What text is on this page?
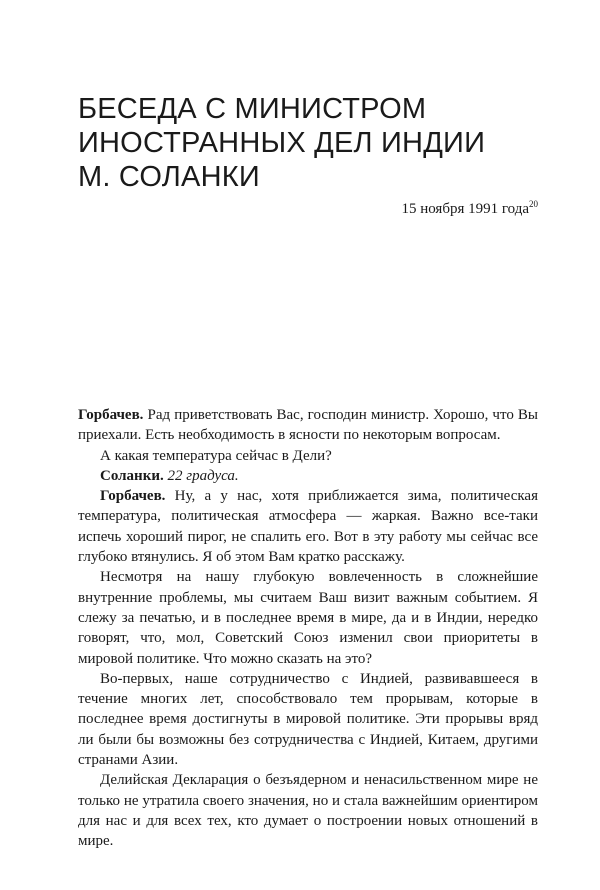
БЕСЕДА С МИНИСТРОМ
ИНОСТРАННЫХ ДЕЛ ИНДИИ
М. СОЛАНКИ
15 ноября 1991 года$^{20}$

Горбачев. Рад приветствовать Вас, господин министр. Хорошо, что Вы приехали. Есть необходимость в ясности по некоторым вопросам.

А какая температура сейчас в Дели?

Соланки. 22 градуса.

Горбачев. Ну, а у нас, хотя приближается зима, политическая температура, политическая атмосфера — жаркая. Важно все-таки испечь хороший пирог, не спалить его. Вот в эту работу мы сейчас все глубоко втянулись. Я об этом Вам кратко расскажу.

Несмотря на нашу глубокую вовлеченность в сложнейшие внутренние проблемы, мы считаем Ваш визит важным событием. Я слежу за печатью, и в последнее время в мире, да и в Индии, нередко говорят, что, мол, Советский Союз изменил свои приоритеты в мировой политике. Что можно сказать на это?

Во-первых, наше сотрудничество с Индией, развивавшееся в течение многих лет, способствовало тем прорывам, которые в последнее время достигнуты в мировой политике. Эти прорывы вряд ли были бы возможны без сотрудничества с Индией, Китаем, другими странами Азии.

Делийская Декларация о безъядерном и ненасильственном мире не только не утратила своего значения, но и стала важнейшим ориентиром для нас и для всех тех, кто думает о построении новых отношений в мире.
